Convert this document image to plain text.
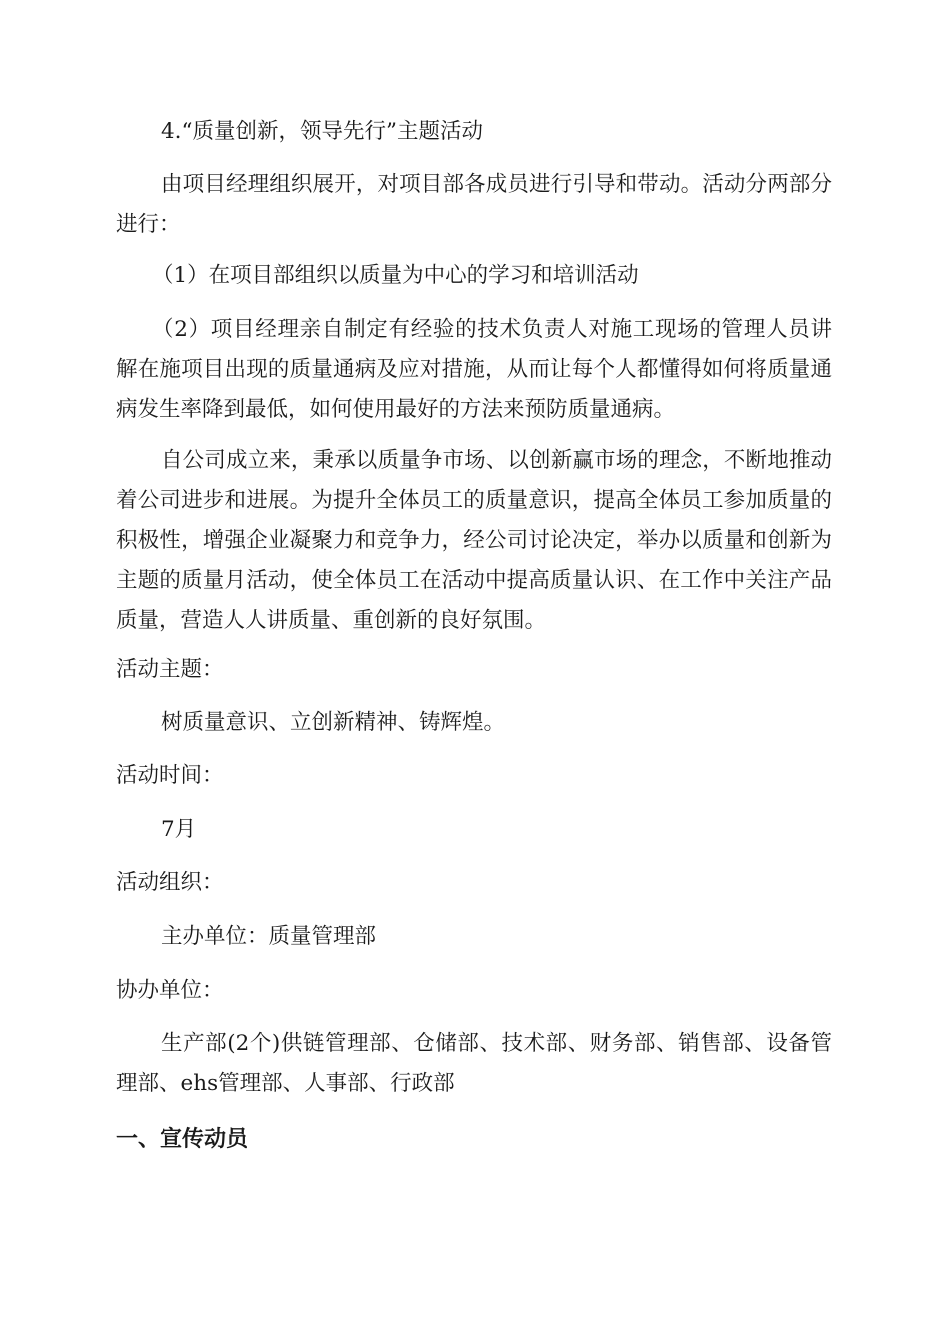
4.“质量创新，领导先行”主题活动

由项目经理组织展开，对项目部各成员进行引导和带动。活动分两部分进行：

（1）在项目部组织以质量为中心的学习和培训活动

（2）项目经理亲自制定有经验的技术负责人对施工现场的管理人员讲解在施项目出现的质量通病及应对措施，从而让每个人都懂得如何将质量通病发生率降到最低，如何使用最好的方法来预防质量通病。

自公司成立来，秉承以质量争市场、以创新赢市场的理念，不断地推动着公司进步和进展。为提升全体员工的质量意识，提高全体员工参加质量的积极性，增强企业凝聚力和竞争力，经公司讨论决定，举办以质量和创新为主题的质量月活动，使全体员工在活动中提高质量认识、在工作中关注产品质量，营造人人讲质量、重创新的良好氛围。

活动主题：

树质量意识、立创新精神、铸辉煌。

活动时间：

7月

活动组织：

主办单位：质量管理部

协办单位：

生产部(2个)供链管理部、仓储部、技术部、财务部、销售部、设备管理部、ehs管理部、人事部、行政部

一、宣传动员
